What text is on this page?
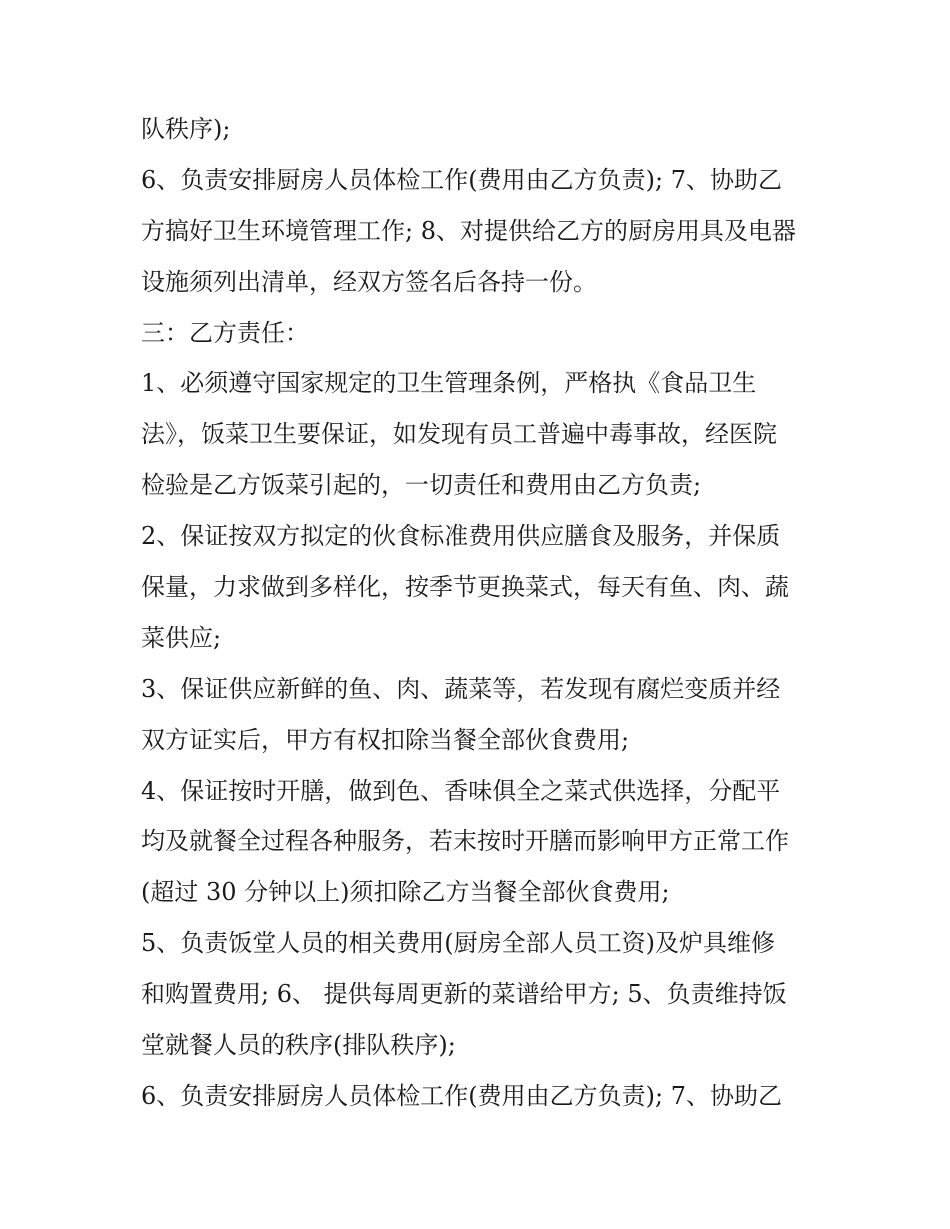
队秩序);
6、负责安排厨房人员体检工作(费用由乙方负责); 7、协助乙
方搞好卫生环境管理工作; 8、对提供给乙方的厨房用具及电器
设施须列出清单，经双方签名后各持一份。
三：乙方责任：
1、必须遵守国家规定的卫生管理条例，严格执《食品卫生
法》，饭菜卫生要保证，如发现有员工普遍中毒事故，经医院
检验是乙方饭菜引起的，一切责任和费用由乙方负责;
2、保证按双方拟定的伙食标准费用供应膳食及服务，并保质
保量，力求做到多样化，按季节更换菜式，每天有鱼、肉、蔬
菜供应;
3、保证供应新鲜的鱼、肉、蔬菜等，若发现有腐烂变质并经
双方证实后，甲方有权扣除当餐全部伙食费用;
4、保证按时开膳，做到色、香味俱全之菜式供选择，分配平
均及就餐全过程各种服务，若末按时开膳而影响甲方正常工作
(超过 30 分钟以上)须扣除乙方当餐全部伙食费用;
5、负责饭堂人员的相关费用(厨房全部人员工资)及炉具维修
和购置费用; 6、 提供每周更新的菜谱给甲方; 5、负责维持饭
堂就餐人员的秩序(排队秩序);
6、负责安排厨房人员体检工作(费用由乙方负责); 7、协助乙
